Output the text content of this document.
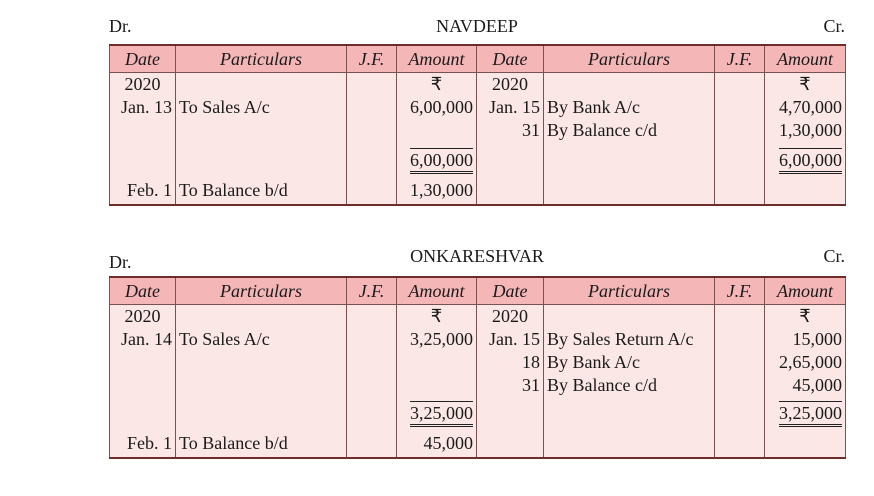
Dr.	NAVDEEP	Cr.
Date	Particulars	J.F.	Amount	Date	Particulars	J.F.	Amount
2020			₹	2020			₹
Jan. 13	To Sales A/c		6,00,000	Jan. 15	By Bank A/c		4,70,000
				31	By Balance c/d		1,30,000
			6,00,000				6,00,000
Feb. 1	To Balance b/d		1,30,000				
Dr.	ONKARESHVAR	Cr.
Date	Particulars	J.F.	Amount	Date	Particulars	J.F.	Amount
2020			₹	2020			₹
Jan. 14	To Sales A/c		3,25,000	Jan. 15	By Sales Return A/c		15,000
				18	By Bank A/c		2,65,000
				31	By Balance c/d		45,000
			3,25,000				3,25,000
Feb. 1	To Balance b/d		45,000				
